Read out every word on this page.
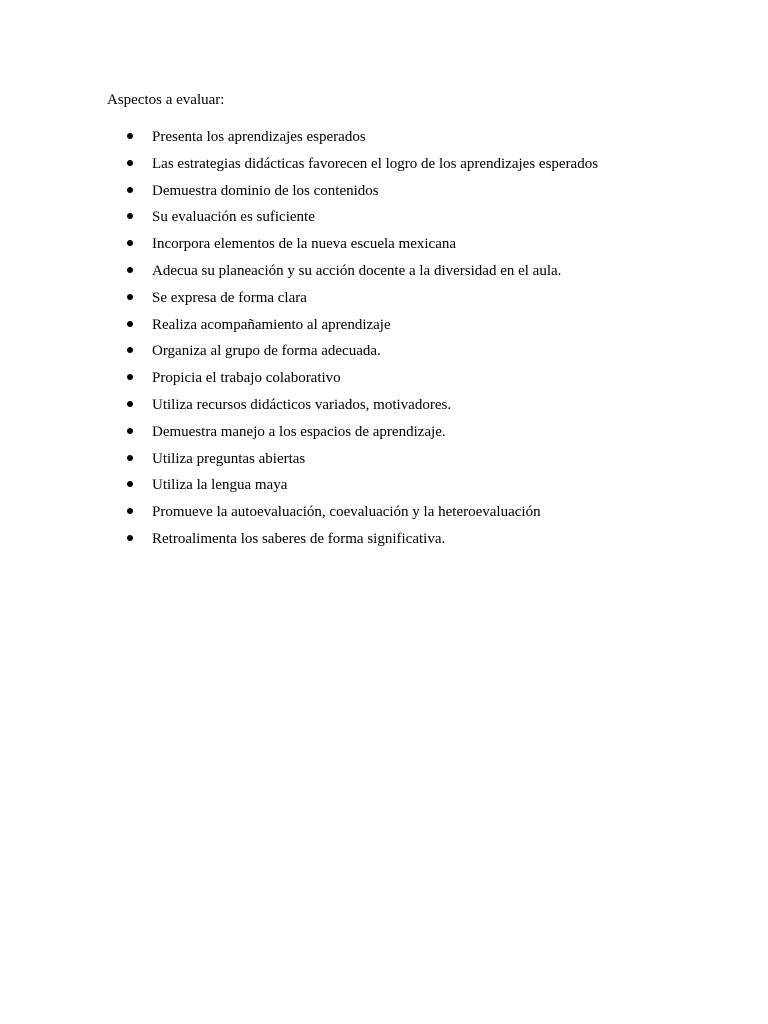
Aspectos a evaluar:

Presenta los aprendizajes esperados
Las estrategias didácticas favorecen el logro de los aprendizajes esperados
Demuestra dominio de los contenidos
Su evaluación es suficiente
Incorpora elementos de la nueva escuela mexicana
Adecua su planeación y su acción docente a la diversidad en el aula.
Se expresa de forma clara
Realiza acompañamiento al aprendizaje
Organiza al grupo de forma adecuada.
Propicia el trabajo colaborativo
Utiliza recursos didácticos variados, motivadores.
Demuestra manejo a los espacios de aprendizaje.
Utiliza preguntas abiertas
Utiliza la lengua maya
Promueve la autoevaluación, coevaluación y la heteroevaluación
Retroalimenta los saberes de forma significativa.
